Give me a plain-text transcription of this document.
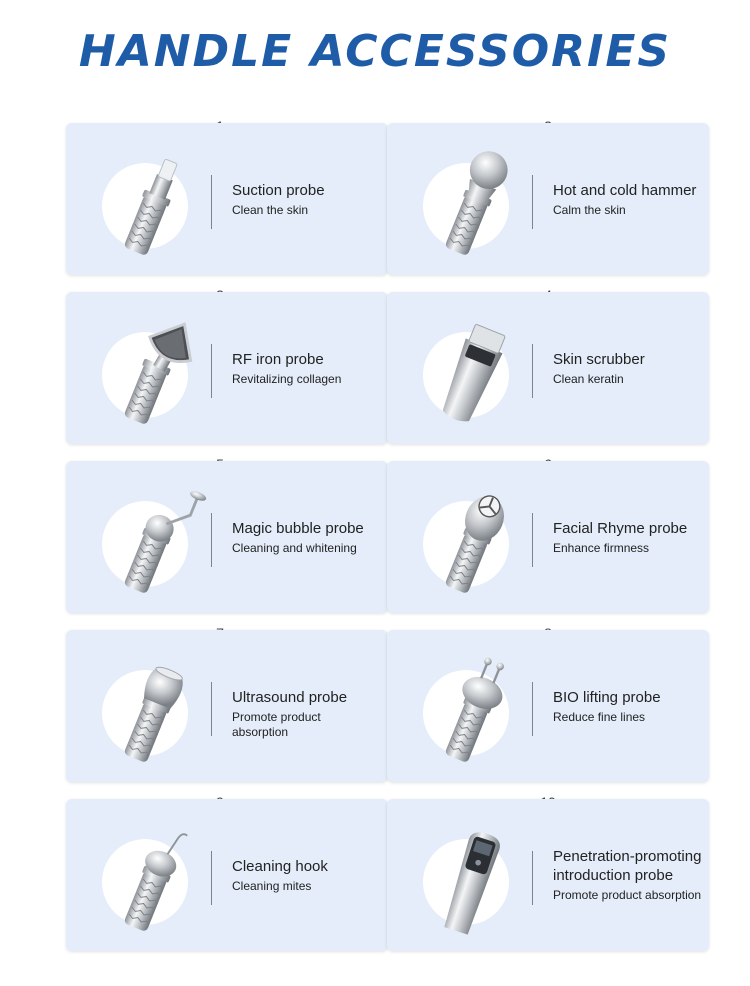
HANDLE ACCESSORIES
Suction probe
Clean the skin
Hot and cold hammer
Calm the skin
RF iron probe
Revitalizing collagen
Skin scrubber
Clean keratin
Magic bubble probe
Cleaning and whitening
Facial Rhyme probe
Enhance firmness
Ultrasound probe
Promote product absorption
BIO lifting probe
Reduce fine lines
Cleaning hook
Cleaning mites
Penetration-promoting introduction probe
Promote product absorption
